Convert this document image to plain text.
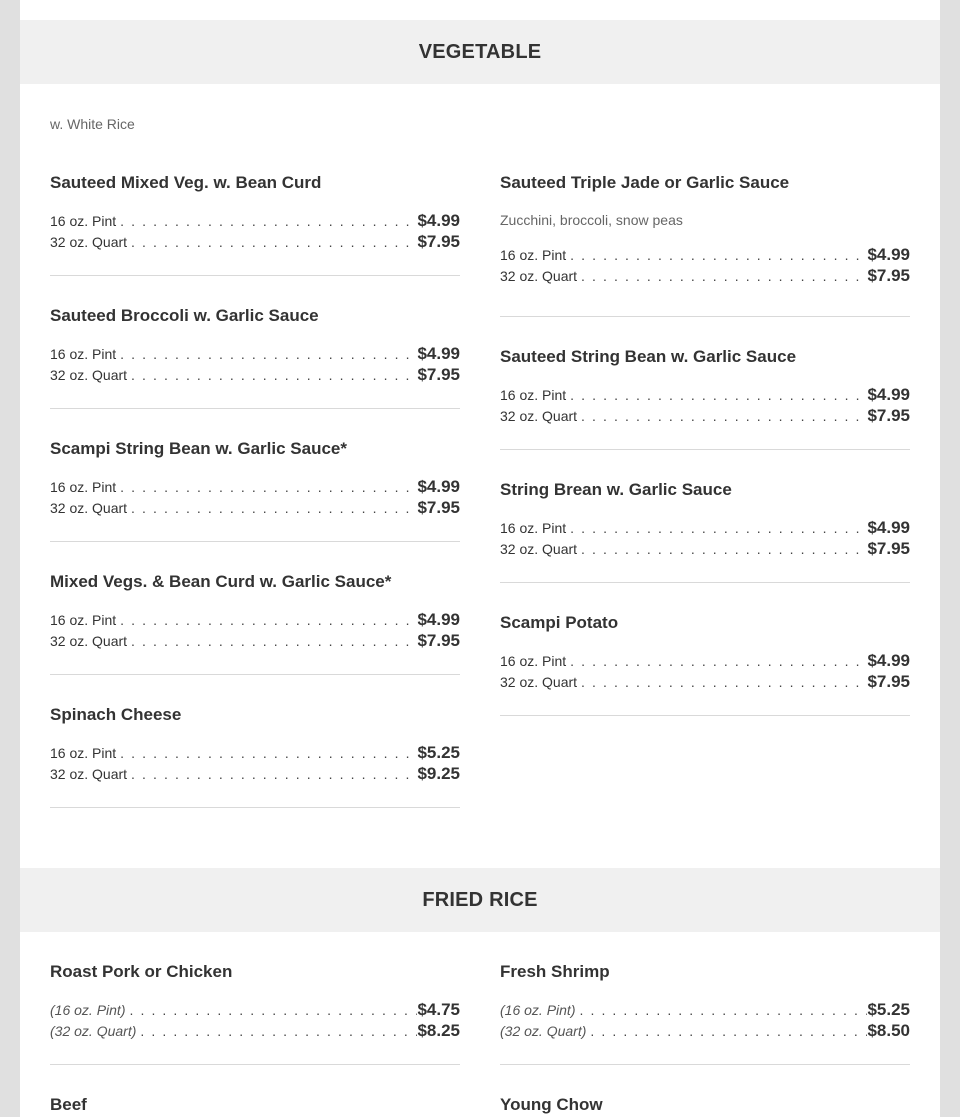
VEGETABLE
w. White Rice
Sauteed Mixed Veg. w. Bean Curd
16 oz. Pint . . .	$4.99
32 oz. Quart . . .	$7.95
Sauteed Broccoli w. Garlic Sauce
16 oz. Pint . . .	$4.99
32 oz. Quart . . .	$7.95
Scampi String Bean w. Garlic Sauce*
16 oz. Pint . . .	$4.99
32 oz. Quart . . .	$7.95
Mixed Vegs. & Bean Curd w. Garlic Sauce*
16 oz. Pint . . .	$4.99
32 oz. Quart . . .	$7.95
Spinach Cheese
16 oz. Pint . . .	$5.25
32 oz. Quart . . .	$9.25
Sauteed Triple Jade or Garlic Sauce
Zucchini, broccoli, snow peas
16 oz. Pint . . .	$4.99
32 oz. Quart . . .	$7.95
Sauteed String Bean w. Garlic Sauce
16 oz. Pint . . .	$4.99
32 oz. Quart . . .	$7.95
String Brean w. Garlic Sauce
16 oz. Pint . . .	$4.99
32 oz. Quart . . .	$7.95
Scampi Potato
16 oz. Pint . . .	$4.99
32 oz. Quart . . .	$7.95
FRIED RICE
Roast Pork or Chicken
(16 oz. Pint) . . .	$4.75
(32 oz. Quart) . . .	$8.25
Fresh Shrimp
(16 oz. Pint) . . .	$5.25
(32 oz. Quart) . . .	$8.50
Beef	Young Chow
